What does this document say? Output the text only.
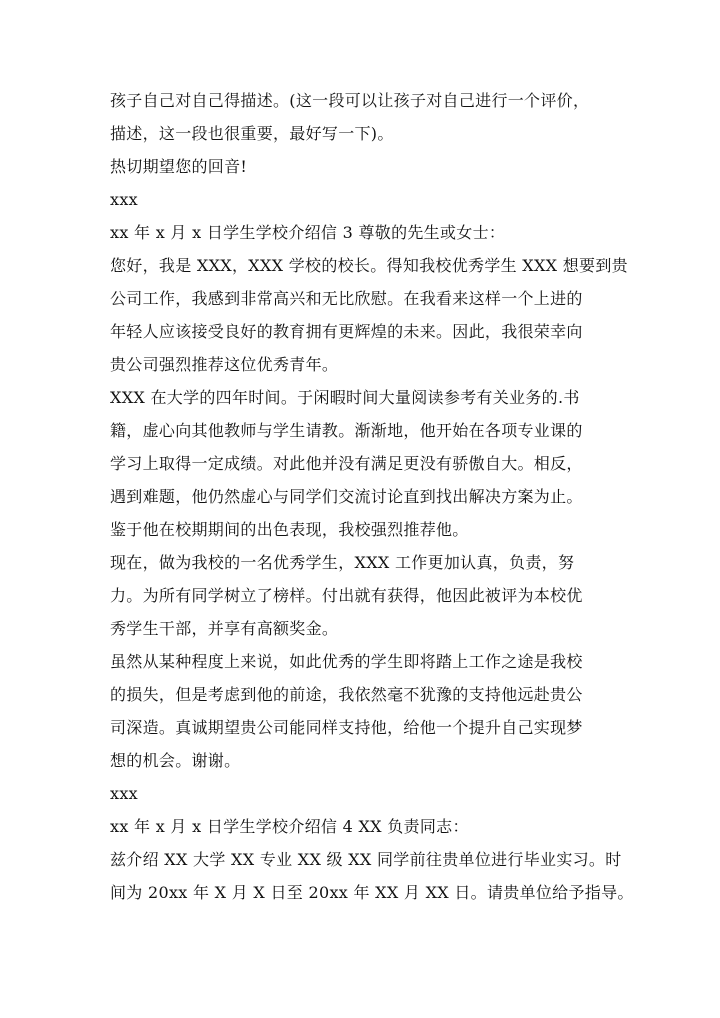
孩子自己对自己得描述。(这一段可以让孩子对自己进行一个评价，
描述，这一段也很重要，最好写一下)。
热切期望您的回音!
xxx
xx 年 x 月 x 日学生学校介绍信 3 尊敬的先生或女士：
您好，我是 XXX，XXX 学校的校长。得知我校优秀学生 XXX 想要到贵
公司工作，我感到非常高兴和无比欣慰。在我看来这样一个上进的
年轻人应该接受良好的教育拥有更辉煌的未来。因此，我很荣幸向
贵公司强烈推荐这位优秀青年。
XXX 在大学的四年时间。于闲暇时间大量阅读参考有关业务的.书
籍，虚心向其他教师与学生请教。渐渐地，他开始在各项专业课的
学习上取得一定成绩。对此他并没有满足更没有骄傲自大。相反，
遇到难题，他仍然虚心与同学们交流讨论直到找出解决方案为止。
鉴于他在校期期间的出色表现，我校强烈推荐他。
现在，做为我校的一名优秀学生，XXX 工作更加认真，负责，努
力。为所有同学树立了榜样。付出就有获得，他因此被评为本校优
秀学生干部，并享有高额奖金。
虽然从某种程度上来说，如此优秀的学生即将踏上工作之途是我校
的损失，但是考虑到他的前途，我依然毫不犹豫的支持他远赴贵公
司深造。真诚期望贵公司能同样支持他，给他一个提升自己实现梦
想的机会。谢谢。
xxx
xx 年 x 月 x 日学生学校介绍信 4 XX 负责同志：
兹介绍 XX 大学 XX 专业 XX 级 XX 同学前往贵单位进行毕业实习。时
间为 20xx 年 X 月 X 日至 20xx 年 XX 月 XX 日。请贵单位给予指导。
